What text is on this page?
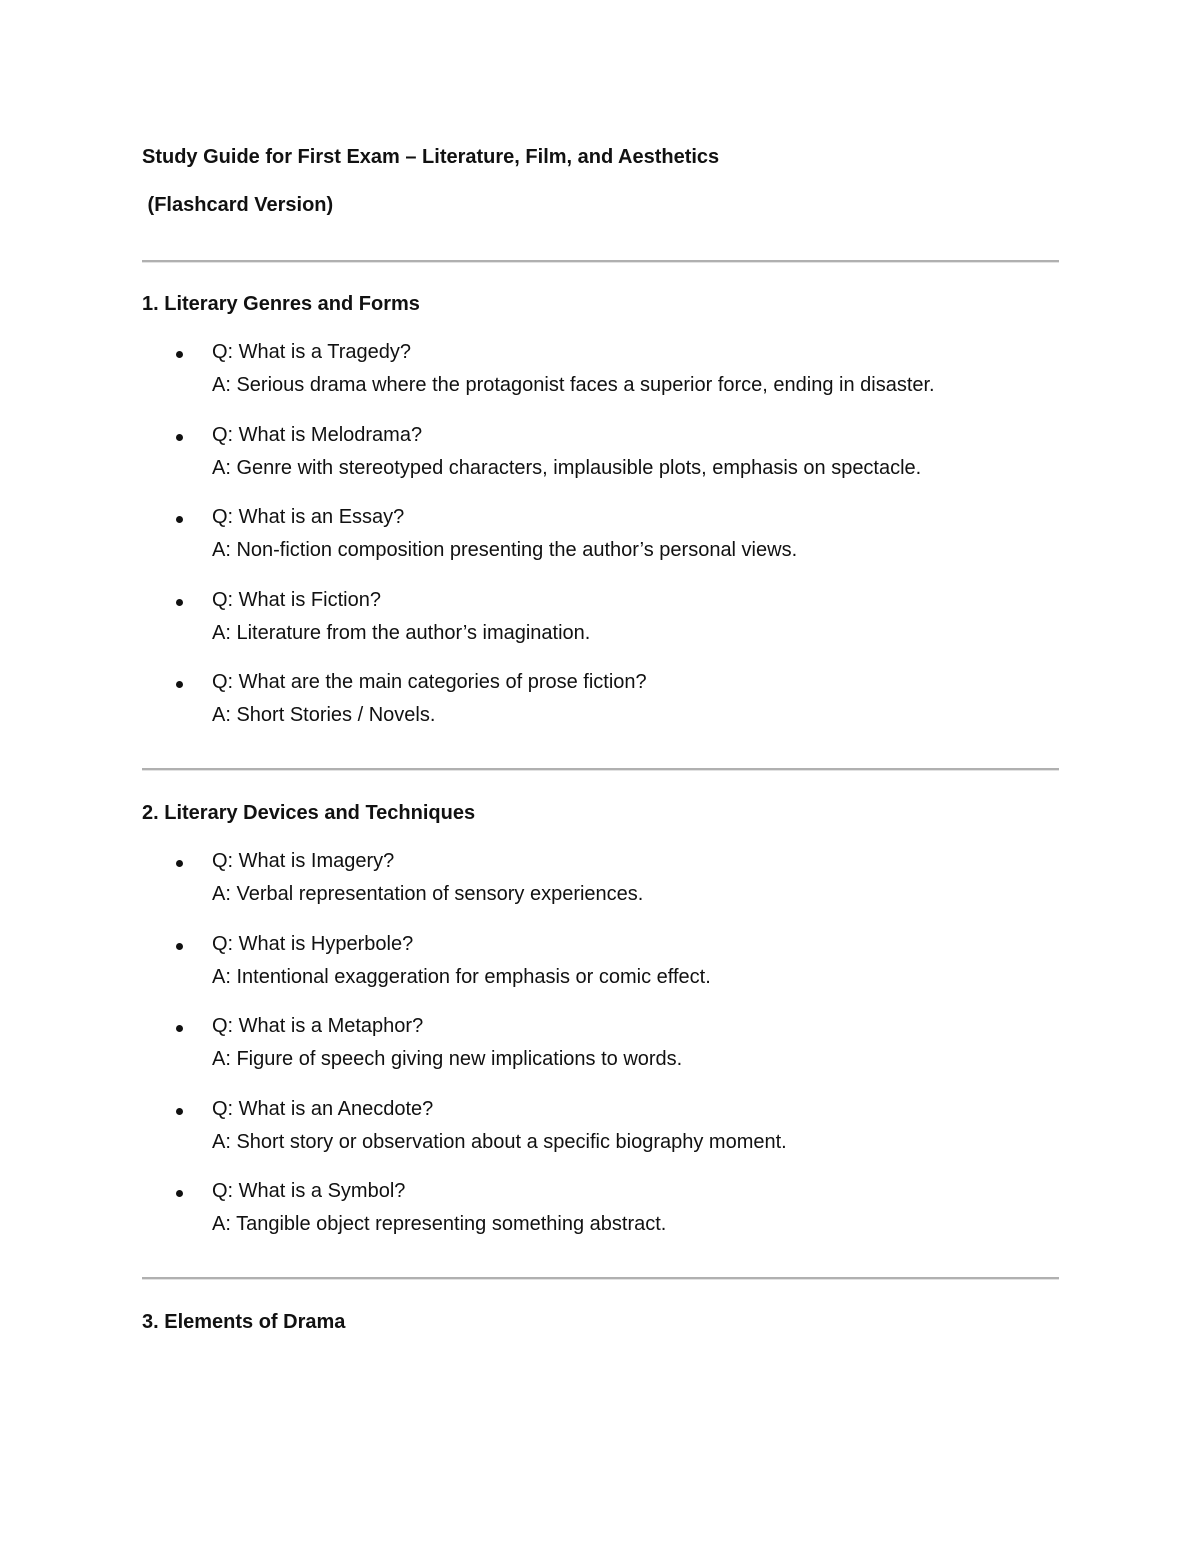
Study Guide for First Exam – Literature, Film, and Aesthetics
(Flashcard Version)
1. Literary Genres and Forms
Q: What is a Tragedy?
A: Serious drama where the protagonist faces a superior force, ending in disaster.
Q: What is Melodrama?
A: Genre with stereotyped characters, implausible plots, emphasis on spectacle.
Q: What is an Essay?
A: Non-fiction composition presenting the author’s personal views.
Q: What is Fiction?
A: Literature from the author’s imagination.
Q: What are the main categories of prose fiction?
A: Short Stories / Novels.
2. Literary Devices and Techniques
Q: What is Imagery?
A: Verbal representation of sensory experiences.
Q: What is Hyperbole?
A: Intentional exaggeration for emphasis or comic effect.
Q: What is a Metaphor?
A: Figure of speech giving new implications to words.
Q: What is an Anecdote?
A: Short story or observation about a specific biography moment.
Q: What is a Symbol?
A: Tangible object representing something abstract.
3. Elements of Drama
